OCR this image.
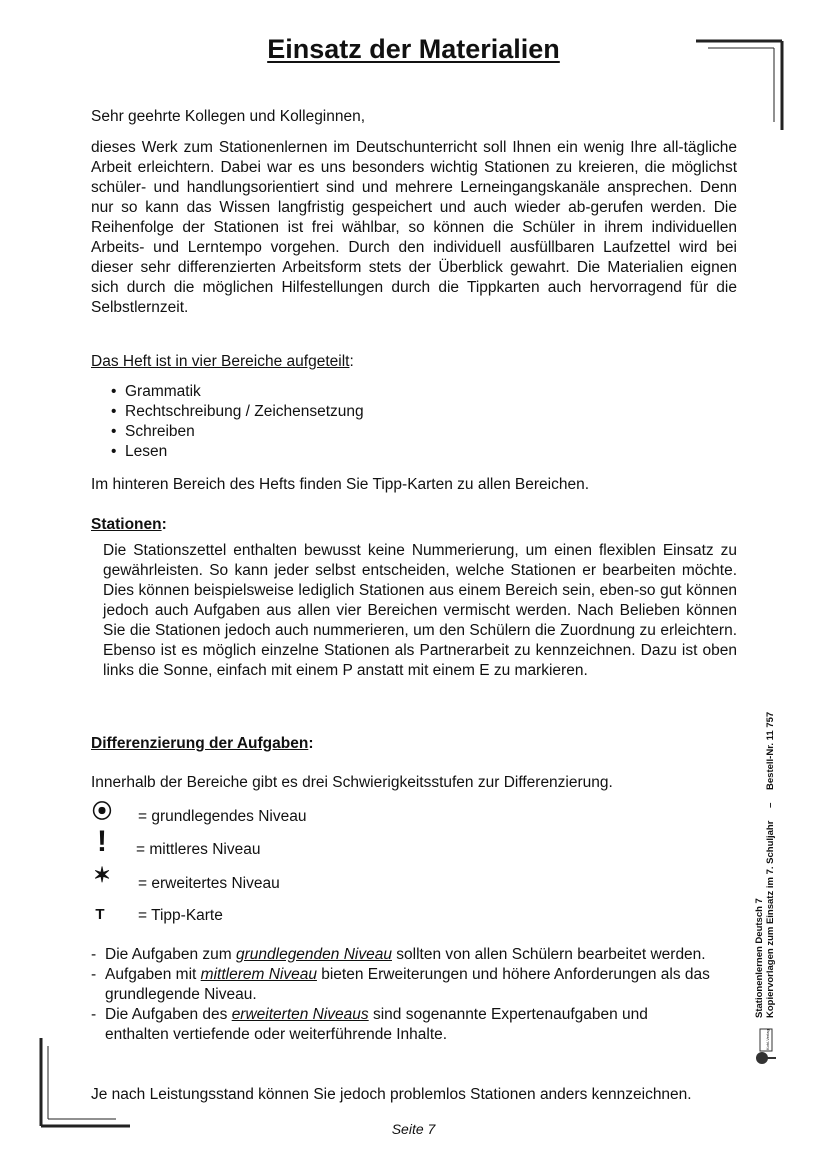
Einsatz der Materialien
Sehr geehrte Kollegen und Kolleginnen,
dieses Werk zum Stationenlernen im Deutschunterricht soll Ihnen ein wenig Ihre all-tägliche Arbeit erleichtern. Dabei war es uns besonders wichtig Stationen zu kreieren, die möglichst schüler- und handlungsorientiert sind und mehrere Lerneingangskanäle ansprechen. Denn nur so kann das Wissen langfristig gespeichert und auch wieder ab-gerufen werden. Die Reihenfolge der Stationen ist frei wählbar, so können die Schüler in ihrem individuellen Arbeits- und Lerntempo vorgehen. Durch den individuell ausfüllbaren Laufzettel wird bei dieser sehr differenzierten Arbeitsform stets der Überblick gewahrt. Die Materialien eignen sich durch die möglichen Hilfestellungen durch die Tippkarten auch hervorragend für die Selbstlernzeit.
Das Heft ist in vier Bereiche aufgeteilt:
• Grammatik
• Rechtschreibung / Zeichensetzung
• Schreiben
• Lesen
Im hinteren Bereich des Hefts finden Sie Tipp-Karten zu allen Bereichen.
Stationen:
Die Stationszettel enthalten bewusst keine Nummerierung, um einen flexiblen Einsatz zu gewährleisten. So kann jeder selbst entscheiden, welche Stationen er bearbeiten möchte. Dies können beispielsweise lediglich Stationen aus einem Bereich sein, eben-so gut können jedoch auch Aufgaben aus allen vier Bereichen vermischt werden. Nach Belieben können Sie die Stationen jedoch auch nummerieren, um den Schülern die Zuordnung zu erleichtern. Ebenso ist es möglich einzelne Stationen als Partnerarbeit zu kennzeichnen. Dazu ist oben links die Sonne, einfach mit einem P anstatt mit einem E zu markieren.
Differenzierung der Aufgaben:
Innerhalb der Bereiche gibt es drei Schwierigkeitsstufen zur Differenzierung.
⦿ = grundlegendes Niveau
!	= mittleres Niveau
✶ = erweitertes Niveau
T	= Tipp-Karte
- Die Aufgaben zum grundlegenden Niveau sollten von allen Schülern bearbeitet werden.
- Aufgaben mit mittlerem Niveau bieten Erweiterungen und höhere Anforderungen als das grundlegende Niveau.
- Die Aufgaben des erweiterten Niveaus sind sogenannte Expertenaufgaben und enthalten vertiefende oder weiterführende Inhalte.
Je nach Leistungsstand können Sie jedoch problemlos Stationen anders kennzeichnen.
Kohl-Verlag
Stationenlernen Deutsch 7 Kopiervorlagen zum Einsatz im 7. Schuljahr – Bestell-Nr. 11 757
Seite 7
